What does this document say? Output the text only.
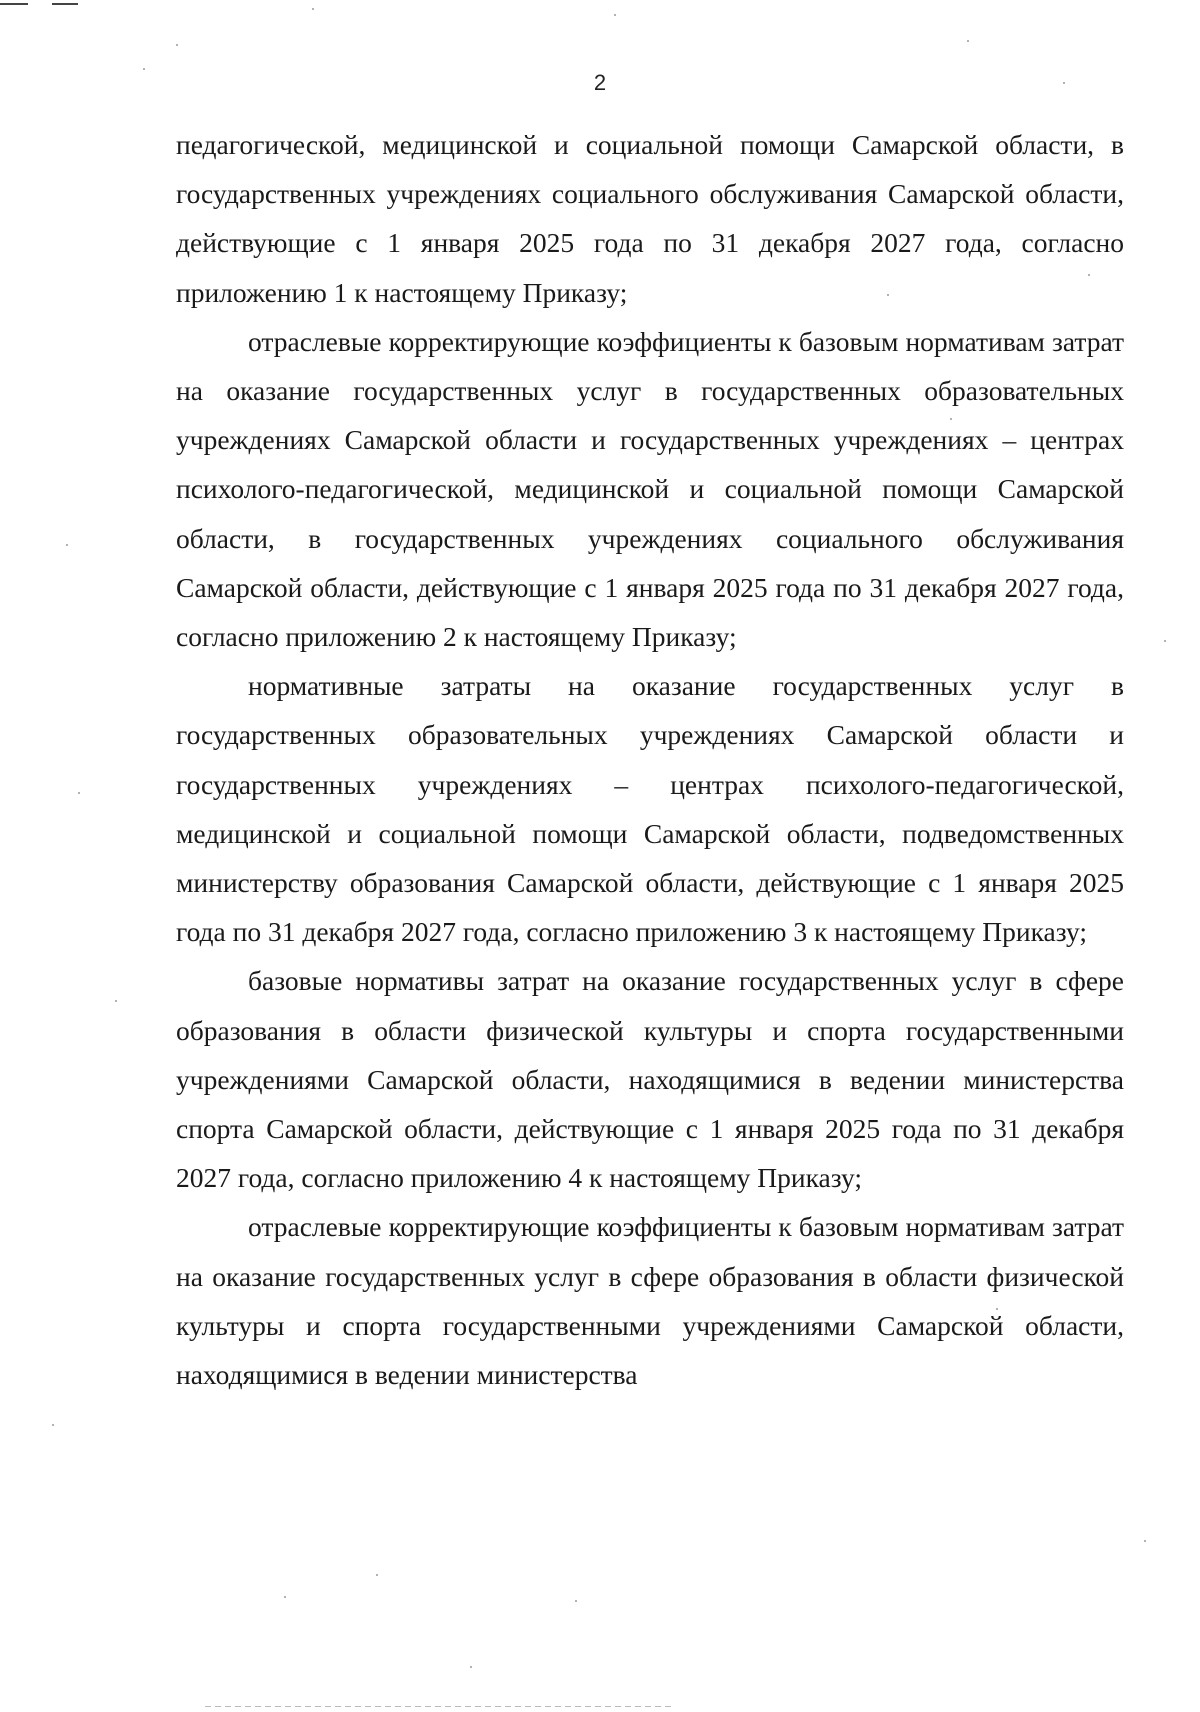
2

педагогической, медицинской и социальной помощи Самарской области, в государственных учреждениях социального обслуживания Самарской области, действующие с 1 января 2025 года по 31 декабря 2027 года, согласно приложению 1 к настоящему Приказу;

отраслевые корректирующие коэффициенты к базовым нормативам затрат на оказание государственных услуг в государственных образовательных учреждениях Самарской области и государственных учреждениях – центрах психолого-педагогической, медицинской и социальной помощи Самарской области, в государственных учреждениях социального обслуживания Самарской области, действующие с 1 января 2025 года по 31 декабря 2027 года, согласно приложению 2 к настоящему Приказу;

нормативные затраты на оказание государственных услуг в государственных образовательных учреждениях Самарской области и государственных учреждениях – центрах психолого-педагогической, медицинской и социальной помощи Самарской области, подведомственных министерству образования Самарской области, действующие с 1 января 2025 года по 31 декабря 2027 года, согласно приложению 3 к настоящему Приказу;

базовые нормативы затрат на оказание государственных услуг в сфере образования в области физической культуры и спорта государственными учреждениями Самарской области, находящимися в ведении министерства спорта Самарской области, действующие с 1 января 2025 года по 31 декабря 2027 года, согласно приложению 4 к настоящему Приказу;

отраслевые корректирующие коэффициенты к базовым нормативам затрат на оказание государственных услуг в сфере образования в области физической культуры и спорта государственными учреждениями Самарской области, находящимися в ведении министерства
